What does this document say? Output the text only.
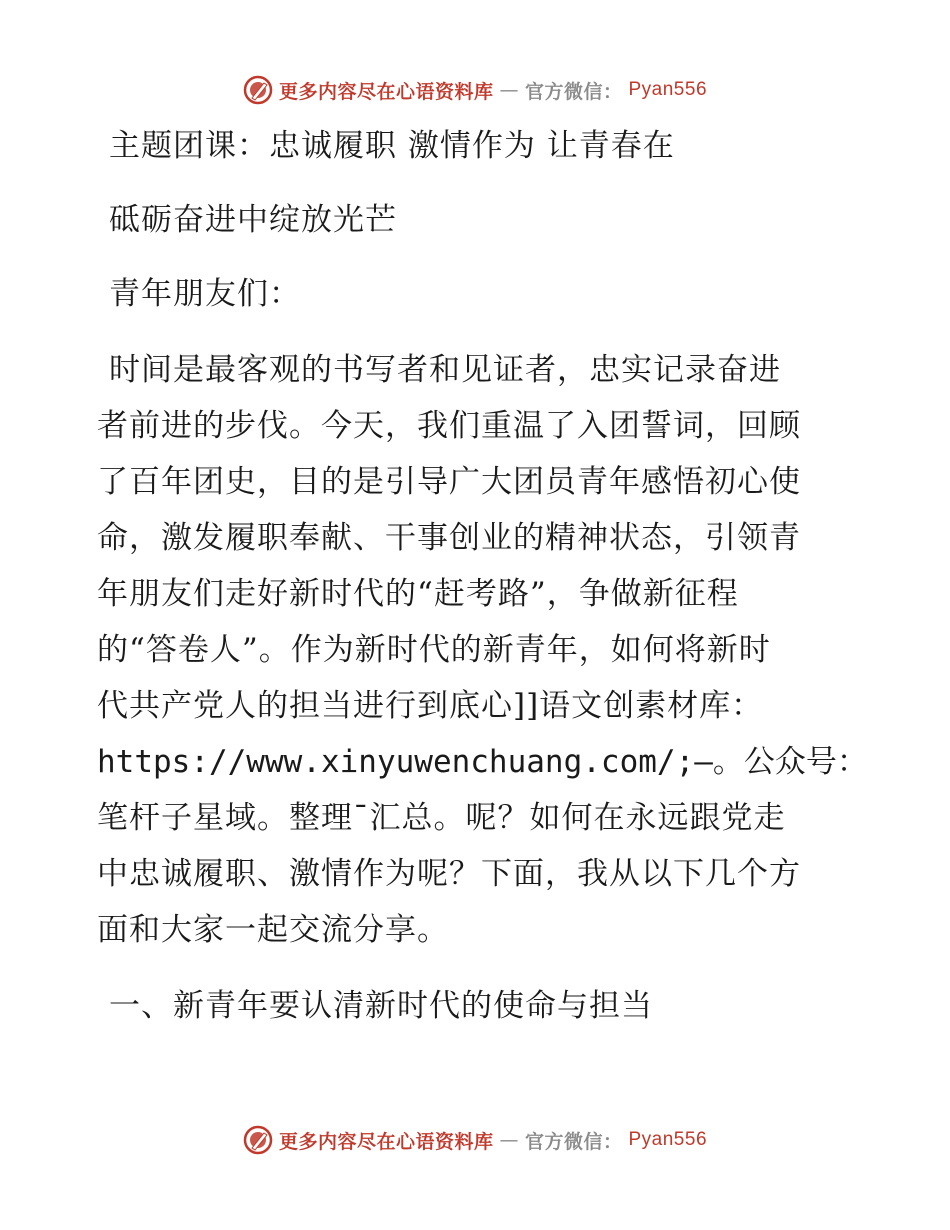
更多内容尽在心语资料库 — 官方微信： Pyan556
主题团课：忠诚履职 激情作为 让青春在
砥砺奋进中绽放光芒
青年朋友们：
时间是最客观的书写者和见证者，忠实记录奋进
者前进的步伐。今天，我们重温了入团誓词，回顾
了百年团史，目的是引导广大团员青年感悟初心使
命，激发履职奉献、干事创业的精神状态，引领青
年朋友们走好新时代的“赶考路”，争做新征程
的“答卷人”。作为新时代的新青年，如何将新时
代共产党人的担当进行到底心]]语文创素材库：
https://www.xinyuwenchuang.com/;—。公众号：
笔杆子星域。整理¯汇总。呢？如何在永远跟党走
中忠诚履职、激情作为呢？下面，我从以下几个方
面和大家一起交流分享。
一、新青年要认清新时代的使命与担当
更多内容尽在心语资料库 — 官方微信： Pyan556
